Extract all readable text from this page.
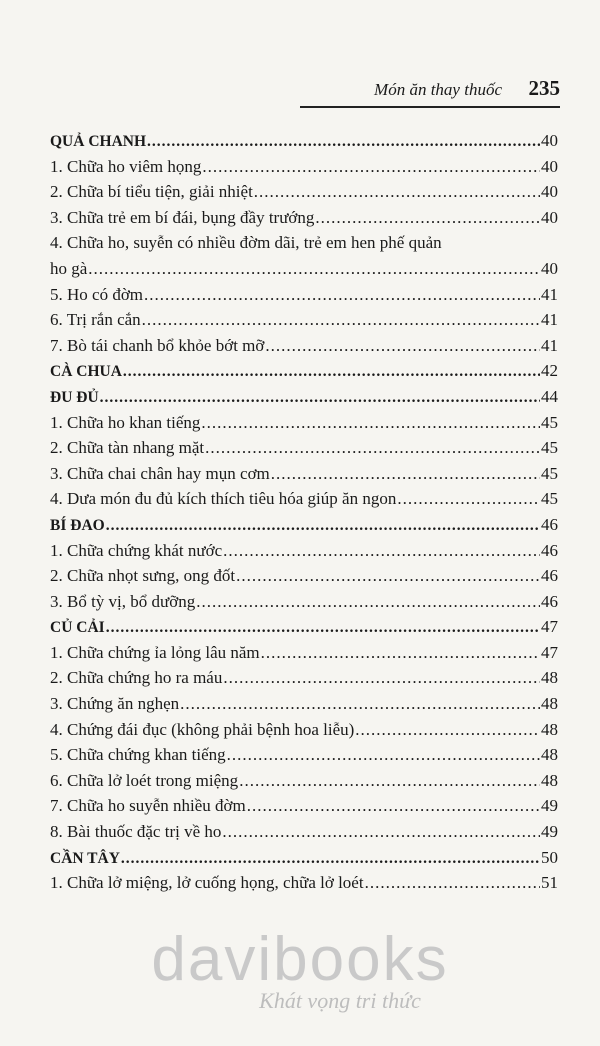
Món ăn thay thuốc 235
QUẢ CHANH .....	40
1. Chữa ho viêm họng .....	40
2. Chữa bí tiểu tiện, giải nhiệt .....	40
3. Chữa trẻ em bí đái, bụng đầy trướng .....	40
4. Chữa ho, suyễn có nhiều đờm dãi, trẻ em hen phế quản
ho gà .....	40
5. Ho có đờm .....	41
6. Trị rắn cắn .....	41
7. Bò tái chanh bổ khỏe bớt mỡ .....	41
CÀ CHUA .....	42
ĐU ĐỦ .....	44
1. Chữa ho khan tiếng .....	45
2. Chữa tàn nhang mặt .....	45
3. Chữa chai chân hay mụn cơm .....	45
4. Dưa món đu đủ kích thích tiêu hóa giúp ăn ngon .....	45
BÍ ĐAO .....	46
1. Chữa chứng khát nước .....	46
2. Chữa nhọt sưng, ong đốt .....	46
3. Bổ tỳ vị, bổ dưỡng .....	46
CỦ CẢI .....	47
1. Chữa chứng ỉa lỏng lâu năm .....	47
2. Chữa chứng ho ra máu .....	48
3. Chứng ăn nghẹn .....	48
4. Chứng đái đục (không phải bệnh hoa liễu) .....	48
5. Chữa chứng khan tiếng .....	48
6. Chữa lở loét trong miệng .....	48
7. Chữa ho suyễn nhiều đờm .....	49
8. Bài thuốc đặc trị về ho .....	49
CẦN TÂY .....	50
1. Chữa lở miệng, lở cuống họng, chữa lở loét .....	51
davibooks
Khát vọng tri thức
